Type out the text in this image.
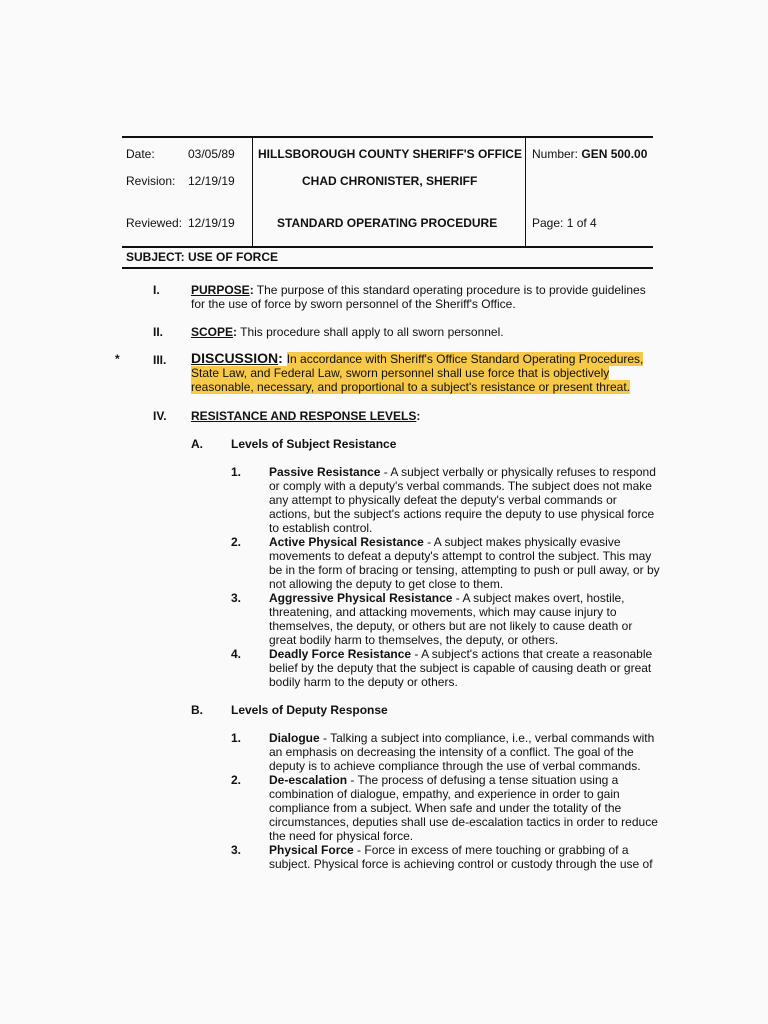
Date:	03/05/89
Revision: 12/19/19
Reviewed: 12/19/19
HILLSBOROUGH COUNTY SHERIFF'S OFFICE
CHAD CHRONISTER, SHERIFF
STANDARD OPERATING PROCEDURE
Number: GEN 500.00
Page: 1 of 4
SUBJECT: USE OF FORCE
I.	PURPOSE: The purpose of this standard operating procedure is to provide guidelines
for the use of force by sworn personnel of the Sheriff's Office.
II. SCOPE: This procedure shall apply to all sworn personnel.
*	III. DISCUSSION: In accordance with Sheriff's Office Standard Operating Procedures,
State Law, and Federal Law, sworn personnel shall use force that is objectively
reasonable, necessary, and proportional to a subject's resistance or present threat.
IV. RESISTANCE AND RESPONSE LEVELS:
A. Levels of Subject Resistance
1. Passive Resistance - A subject verbally or physically refuses to respond
or comply with a deputy's verbal commands. The subject does not make
any attempt to physically defeat the deputy's verbal commands or
actions, but the subject's actions require the deputy to use physical force
to establish control.
2. Active Physical Resistance - A subject makes physically evasive
movements to defeat a deputy's attempt to control the subject. This may
be in the form of bracing or tensing, attempting to push or pull away, or by
not allowing the deputy to get close to them.
3. Aggressive Physical Resistance - A subject makes overt, hostile,
threatening, and attacking movements, which may cause injury to
themselves, the deputy, or others but are not likely to cause death or
great bodily harm to themselves, the deputy, or others.
4. Deadly Force Resistance - A subject's actions that create a reasonable
belief by the deputy that the subject is capable of causing death or great
bodily harm to the deputy or others.
B. Levels of Deputy Response
1. Dialogue - Talking a subject into compliance, i.e., verbal commands with
an emphasis on decreasing the intensity of a conflict. The goal of the
deputy is to achieve compliance through the use of verbal commands.
2. De-escalation - The process of defusing a tense situation using a
combination of dialogue, empathy, and experience in order to gain
compliance from a subject. When safe and under the totality of the
circumstances, deputies shall use de-escalation tactics in order to reduce
the need for physical force.
3. Physical Force - Force in excess of mere touching or grabbing of a
subject. Physical force is achieving control or custody through the use of
